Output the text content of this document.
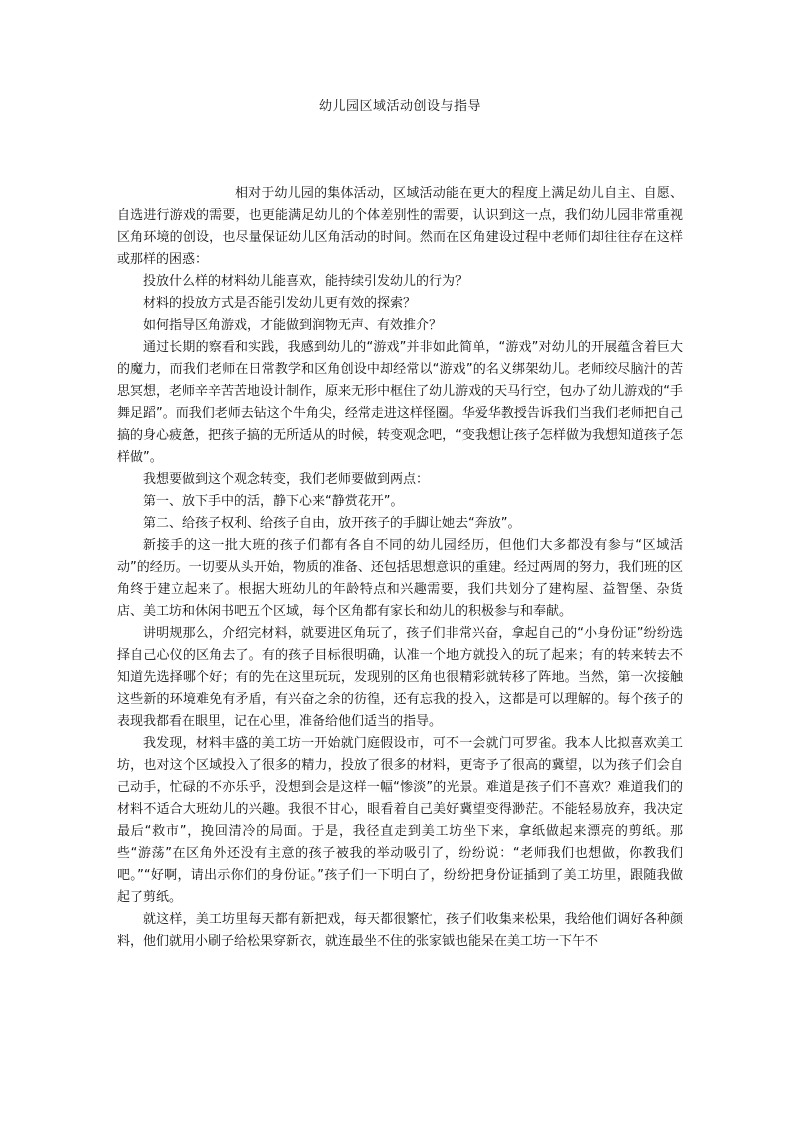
幼儿园区域活动创设与指导

相对于幼儿园的集体活动，区域活动能在更大的程度上满足幼儿自主、自愿、自选进行游戏的需要，也更能满足幼儿的个体差别性的需要，认识到这一点，我们幼儿园非常重视区角环境的创设，也尽量保证幼儿区角活动的时间。然而在区角建设过程中老师们却往往存在这样或那样的困惑：

投放什么样的材料幼儿能喜欢，能持续引发幼儿的行为？

材料的投放方式是否能引发幼儿更有效的探索？

如何指导区角游戏，才能做到润物无声、有效推介？

通过长期的察看和实践，我感到幼儿的“游戏”并非如此简单，“游戏”对幼儿的开展蕴含着巨大的魔力，而我们老师在日常教学和区角创设中却经常以“游戏”的名义绑架幼儿。老师绞尽脑汁的苦思冥想，老师辛辛苦苦地设计制作，原来无形中框住了幼儿游戏的天马行空，包办了幼儿游戏的“手舞足蹈”。而我们老师去钻这个牛角尖，经常走进这样怪圈。华爱华教授告诉我们当我们老师把自己搞的身心疲惫，把孩子搞的无所适从的时候，转变观念吧，“变我想让孩子怎样做为我想知道孩子怎样做”。

我想要做到这个观念转变，我们老师要做到两点：

第一、放下手中的活，静下心来“静赏花开”。

第二、给孩子权利、给孩子自由，放开孩子的手脚让她去“奔放”。

新接手的这一批大班的孩子们都有各自不同的幼儿园经历，但他们大多都没有参与“区域活动”的经历。一切要从头开始，物质的准备、还包括思想意识的重建。经过两周的努力，我们班的区角终于建立起来了。根据大班幼儿的年龄特点和兴趣需要，我们共划分了建构屋、益智堡、杂货店、美工坊和休闲书吧五个区域，每个区角都有家长和幼儿的积极参与和奉献。

讲明规那么，介绍完材料，就要进区角玩了，孩子们非常兴奋，拿起自己的“小身份证”纷纷选择自己心仪的区角去了。有的孩子目标很明确，认准一个地方就投入的玩了起来；有的转来转去不知道先选择哪个好；有的先在这里玩玩，发现别的区角也很精彩就转移了阵地。当然，第一次接触这些新的环境难免有矛盾，有兴奋之余的彷徨，还有忘我的投入，这都是可以理解的。每个孩子的表现我都看在眼里，记在心里，准备给他们适当的指导。

我发现，材料丰盛的美工坊一开始就门庭假设市，可不一会就门可罗雀。我本人比拟喜欢美工坊，也对这个区域投入了很多的精力，投放了很多的材料，更寄予了很高的冀望，以为孩子们会自己动手，忙碌的不亦乐乎，没想到会是这样一幅“惨淡”的光景。难道是孩子们不喜欢？难道我们的材料不适合大班幼儿的兴趣。我很不甘心，眼看着自己美好冀望变得渺茫。不能轻易放弃，我决定最后“救市”，挽回清冷的局面。于是，我径直走到美工坊坐下来，拿纸做起来漂亮的剪纸。那些“游荡”在区角外还没有主意的孩子被我的举动吸引了，纷纷说：“老师我们也想做，你教我们吧。”“好啊，请出示你们的身份证。”孩子们一下明白了，纷纷把身份证插到了美工坊里，跟随我做起了剪纸。

就这样，美工坊里每天都有新把戏，每天都很繁忙，孩子们收集来松果，我给他们调好各种颜料，他们就用小刷子给松果穿新衣，就连最坐不住的张家钺也能呆在美工坊一下午不
